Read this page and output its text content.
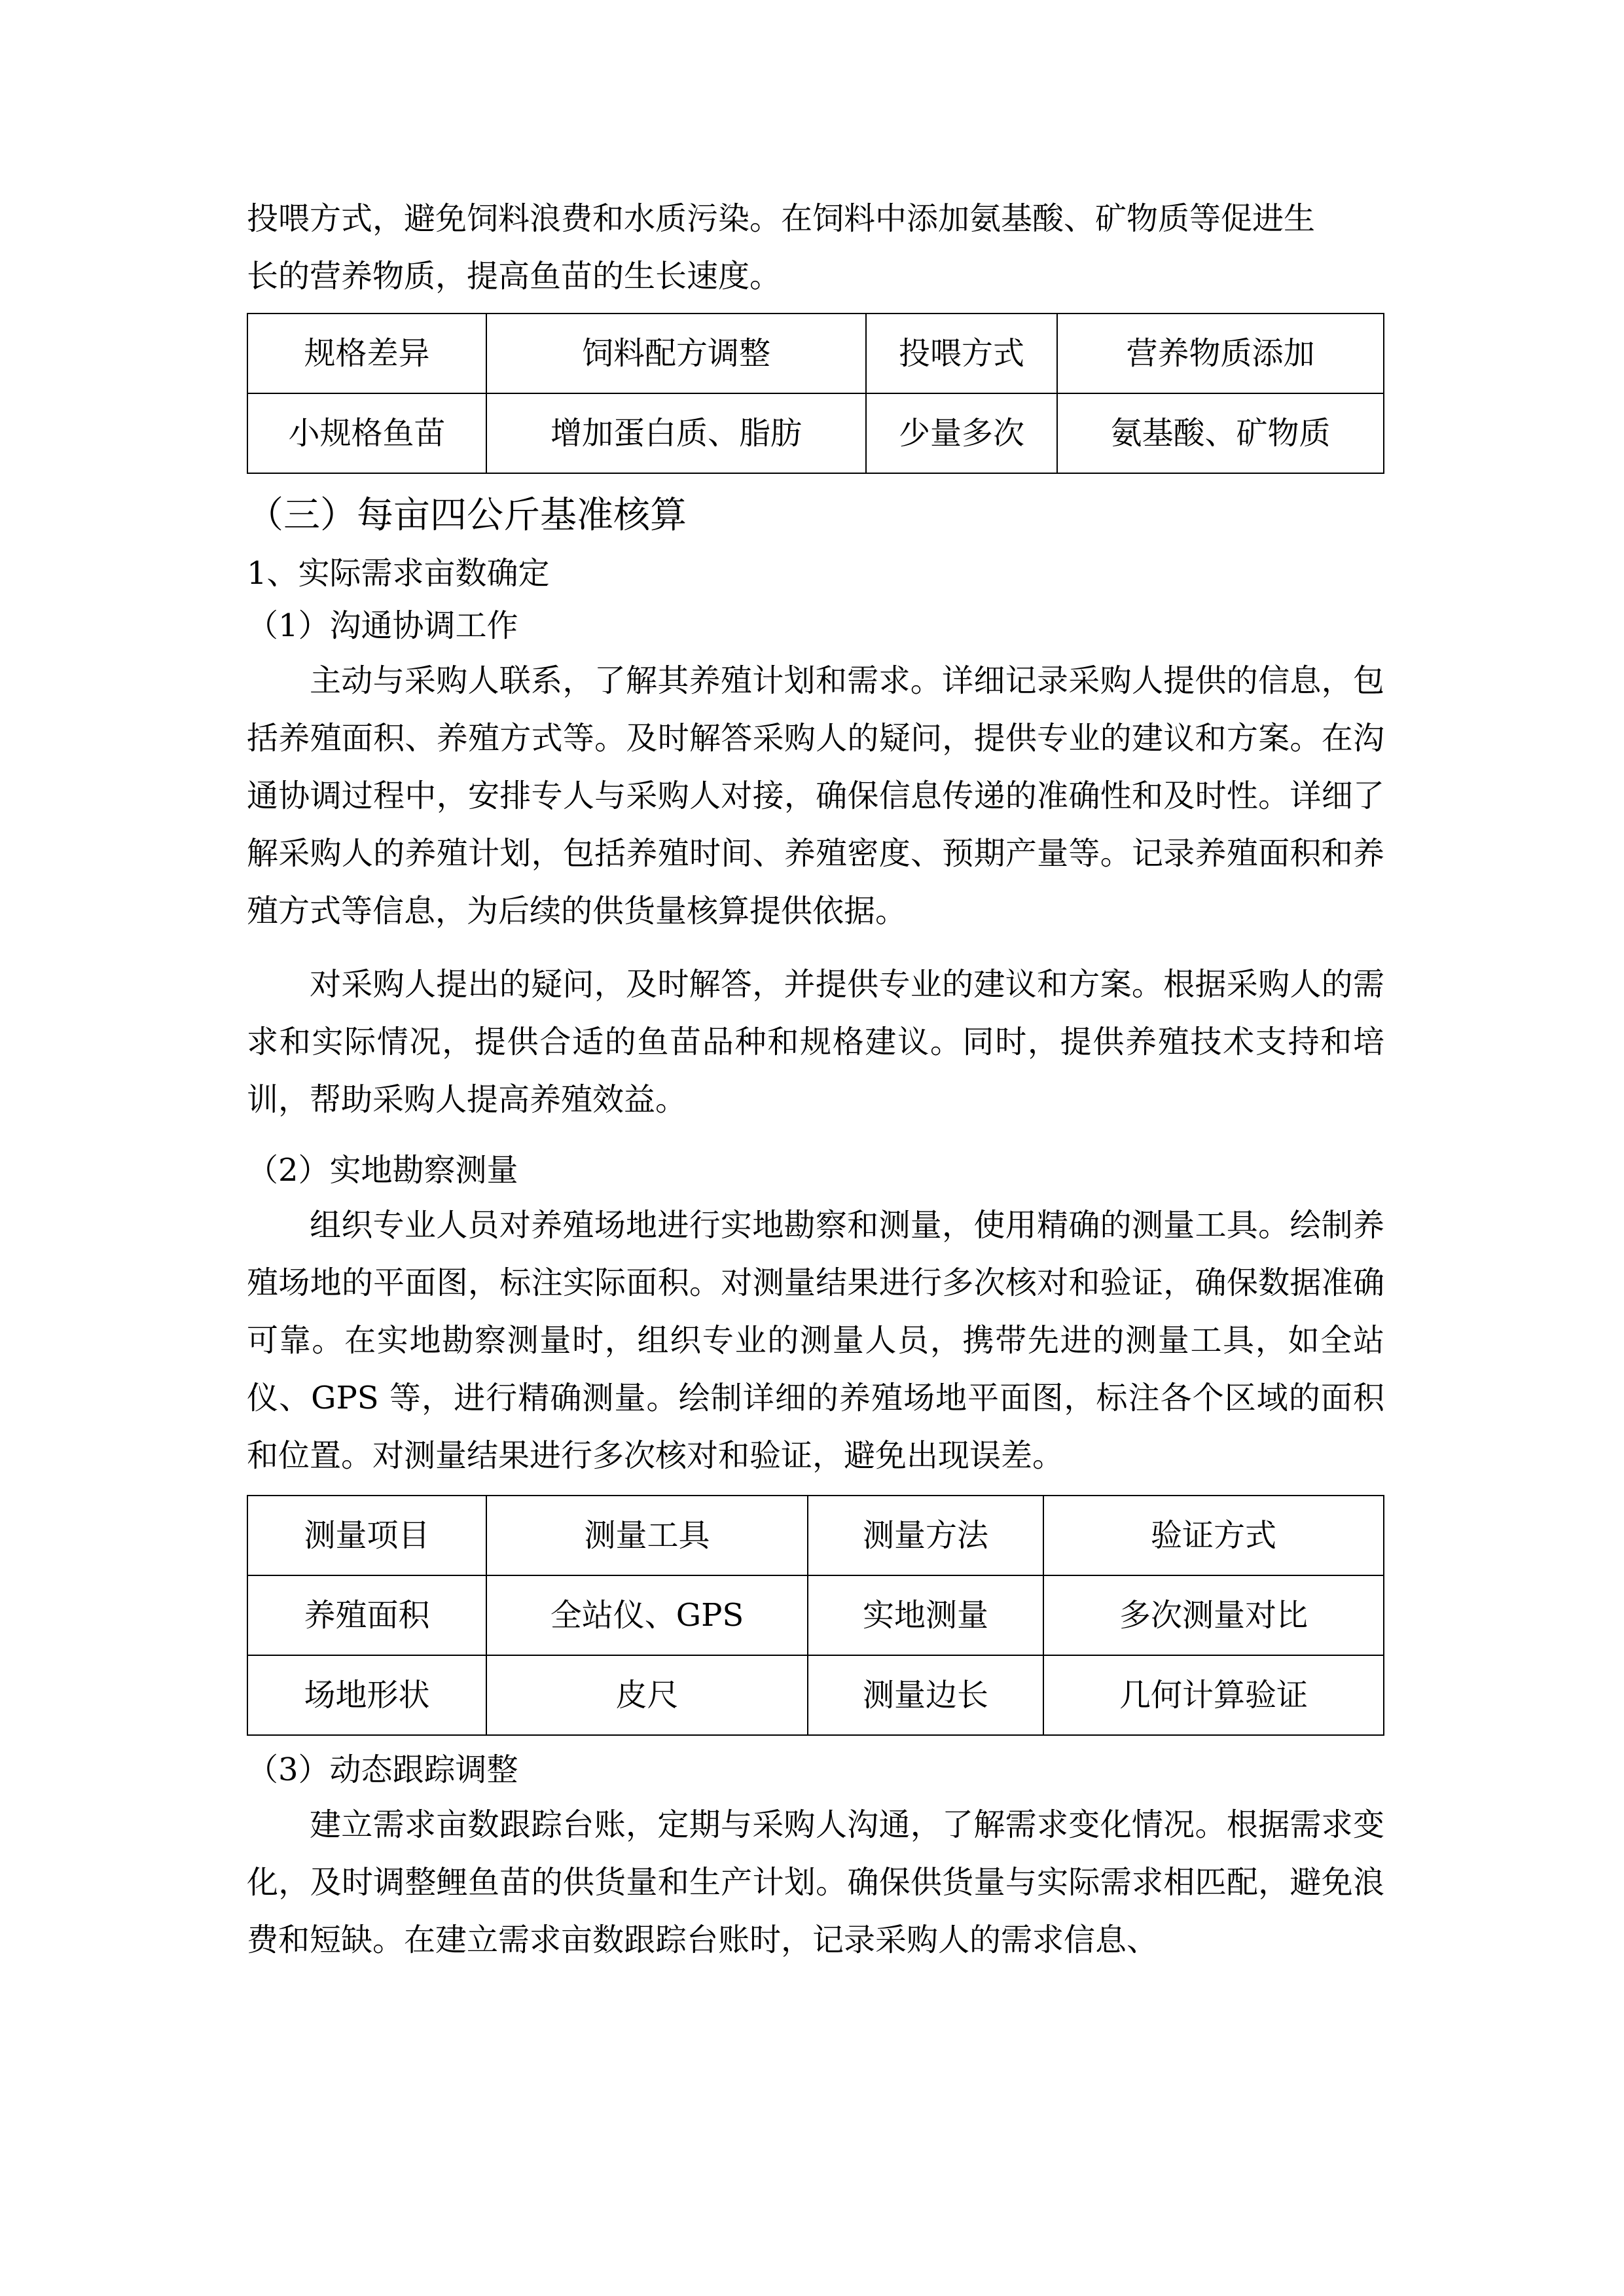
投喂方式，避免饲料浪费和水质污染。在饲料中添加氨基酸、矿物质等促进生

长的营养物质，提高鱼苗的生长速度。

规格差异	饲料配方调整	投喂方式	营养物质添加
小规格鱼苗	增加蛋白质、脂肪	少量多次	氨基酸、矿物质
（三）每亩四公斤基准核算

1、实际需求亩数确定

（1）沟通协调工作

主动与采购人联系，了解其养殖计划和需求。详细记录采购人提供的信息，包括养殖面积、养殖方式等。及时解答采购人的疑问，提供专业的建议和方案。在沟通协调过程中，安排专人与采购人对接，确保信息传递的准确性和及时性。详细了解采购人的养殖计划，包括养殖时间、养殖密度、预期产量等。记录养殖面积和养殖方式等信息，为后续的供货量核算提供依据。

对采购人提出的疑问，及时解答，并提供专业的建议和方案。根据采购人的需求和实际情况，提供合适的鱼苗品种和规格建议。同时，提供养殖技术支持和培训，帮助采购人提高养殖效益。

（2）实地勘察测量

组织专业人员对养殖场地进行实地勘察和测量，使用精确的测量工具。绘制养殖场地的平面图，标注实际面积。对测量结果进行多次核对和验证，确保数据准确可靠。在实地勘察测量时，组织专业的测量人员，携带先进的测量工具，如全站仪、GPS 等，进行精确测量。绘制详细的养殖场地平面图，标注各个区域的面积和位置。对测量结果进行多次核对和验证，避免出现误差。

测量项目	测量工具	测量方法	验证方式
养殖面积	全站仪、GPS	实地测量	多次测量对比
场地形状	皮尺	测量边长	几何计算验证

（3）动态跟踪调整

建立需求亩数跟踪台账，定期与采购人沟通，了解需求变化情况。根据需求变化，及时调整鲤鱼苗的供货量和生产计划。确保供货量与实际需求相匹配，避免浪费和短缺。在建立需求亩数跟踪台账时，记录采购人的需求信息、
